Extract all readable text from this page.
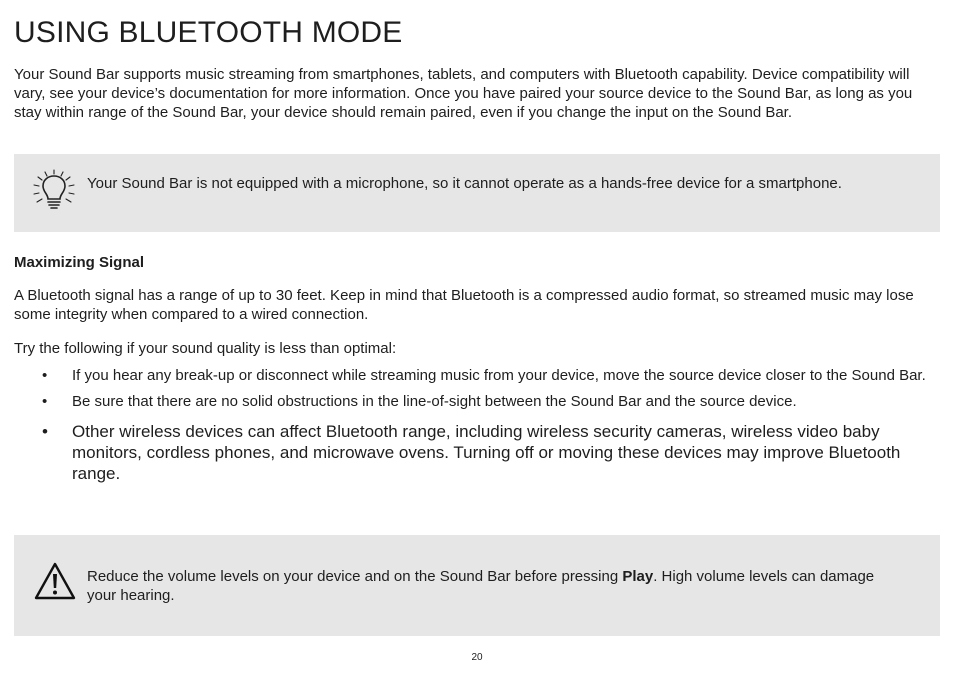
USING BLUETOOTH MODE

Your Sound Bar supports music streaming from smartphones, tablets, and computers with Bluetooth capability. Device compatibility will vary, see your device’s documentation for more information. Once you have paired your source device to the Sound Bar, as long as you stay within range of the Sound Bar, your device should remain paired, even if you change the input on the Sound Bar.

Your Sound Bar is not equipped with a microphone, so it cannot operate as a hands-free device for a smartphone.

Maximizing Signal

A Bluetooth signal has a range of up to 30 feet. Keep in mind that Bluetooth is a compressed audio format, so streamed music may lose some integrity when compared to a wired connection.

Try the following if your sound quality is less than optimal:

• If you hear any break-up or disconnect while streaming music from your device, move the source device closer to the Sound Bar.
• Be sure that there are no solid obstructions in the line-of-sight between the Sound Bar and the source device.
• Other wireless devices can affect Bluetooth range, including wireless security cameras, wireless video baby monitors, cordless phones, and microwave ovens. Turning off or moving these devices may improve Bluetooth range.

Reduce the volume levels on your device and on the Sound Bar before pressing Play. High volume levels can damage your hearing.

20
